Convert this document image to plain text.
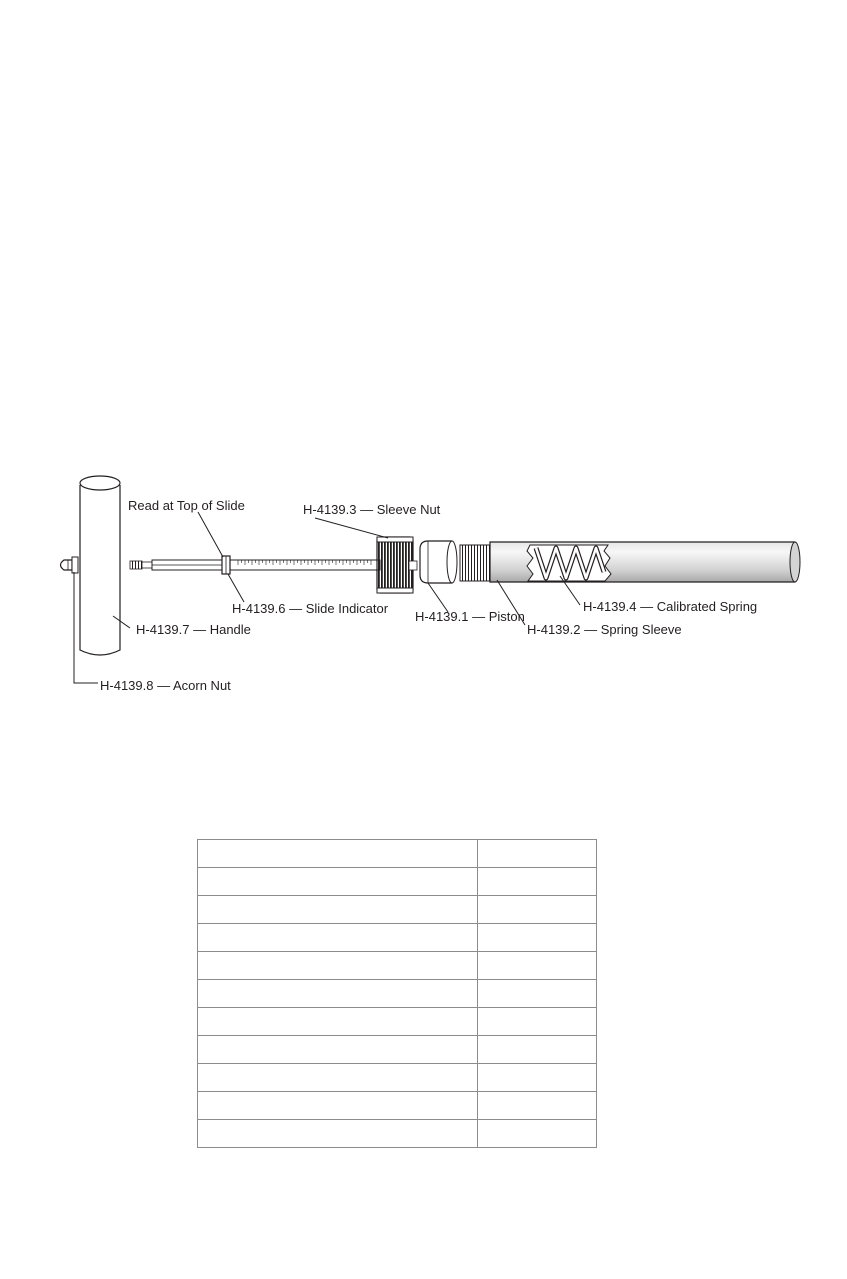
Read at Top of Slide	H-4139.3 — Sleeve Nut
H-4139.6 — Slide Indicator
H-4139.7 — Handle
H-4139.8 — Acorn Nut
H-4139.1 — Piston
H-4139.2 — Spring Sleeve
H-4139.4 — Calibrated Spring
